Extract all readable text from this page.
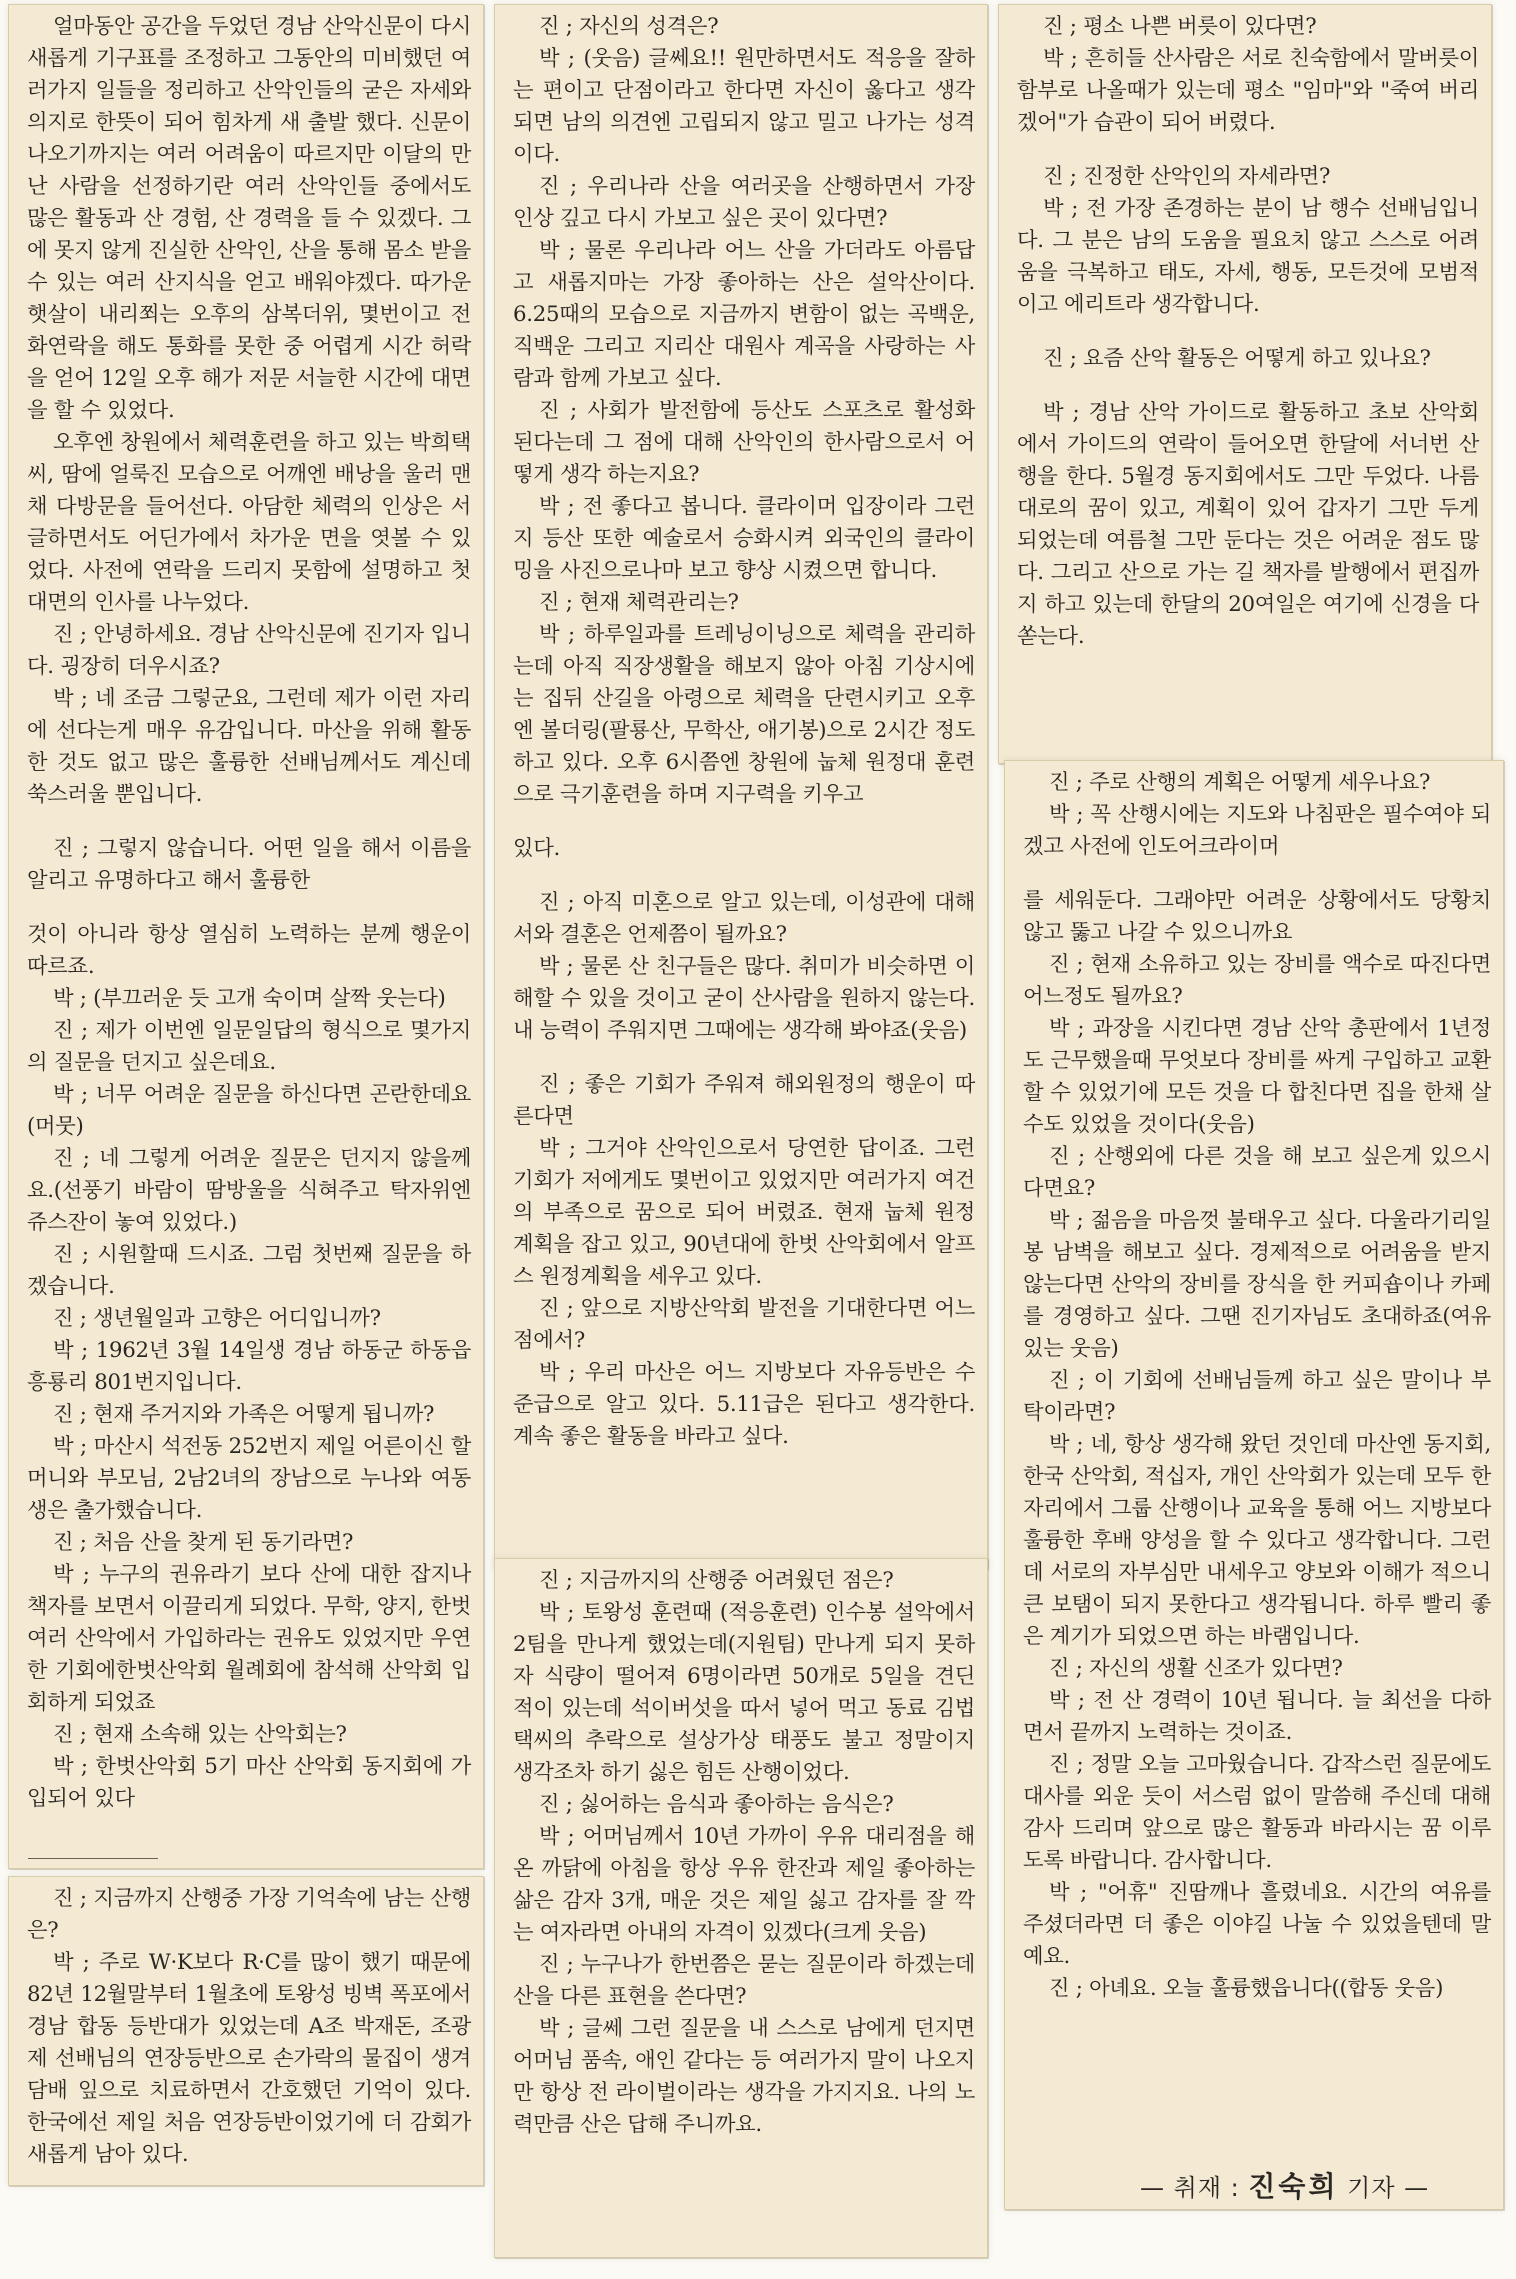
얼마동안 공간을 두었던 경남 산악신문이 다시 새롭게 기구표를 조정하고 그동안의 미비했던 여러가지 일들을 정리하고 산악인들의 굳은 자세와 의지로 한뜻이 되어 힘차게 새 출발 했다. 신문이 나오기까지는 여러 어려움이 따르지만 이달의 만난 사람을 선정하기란 여러 산악인들 중에서도 많은 활동과 산 경험, 산 경력을 들 수 있겠다. 그에 못지 않게 진실한 산악인, 산을 통해 몸소 받을 수 있는 여러 산지식을 얻고 배워야겠다. 따가운 햇살이 내리쬐는 오후의 삼복더위, 몇번이고 전화연락을 해도 통화를 못한 중 어렵게 시간 허락을 얻어 12일 오후 해가 저문 서늘한 시간에 대면을 할 수 있었다.

오후엔 창원에서 체력훈련을 하고 있는 박희택씨, 땀에 얼룩진 모습으로 어깨엔 배낭을 울러 맨채 다방문을 들어선다. 아담한 체력의 인상은 서글하면서도 어딘가에서 차가운 면을 엿볼 수 있었다. 사전에 연락을 드리지 못함에 설명하고 첫 대면의 인사를 나누었다.

진 ; 안녕하세요. 경남 산악신문에 진기자 입니다. 굉장히 더우시죠?

박 ; 네 조금 그렇군요, 그런데 제가 이런 자리에 선다는게 매우 유감입니다. 마산을 위해 활동 한 것도 없고 많은 훌륭한 선배님께서도 계신데 쑥스러울 뿐입니다.

진 ; 그렇지 않습니다. 어떤 일을 해서 이름을 알리고 유명하다고 해서 훌륭한

것이 아니라 항상 열심히 노력하는 분께 행운이 따르죠.

박 ; (부끄러운 듯 고개 숙이며 살짝 웃는다)

진 ; 제가 이번엔 일문일답의 형식으로 몇가지의 질문을 던지고 싶은데요.

박 ; 너무 어려운 질문을 하신다면 곤란한데요(머뭇)

진 ; 네 그렇게 어려운 질문은 던지지 않을께요.(선풍기 바람이 땀방울을 식혀주고 탁자위엔 쥬스잔이 놓여 있었다.)

진 ; 시원할때 드시죠. 그럼 첫번째 질문을 하겠습니다.

진 ; 생년월일과 고향은 어디입니까?

박 ; 1962년 3월 14일생 경남 하동군 하동읍 흥룡리 801번지입니다.

진 ; 현재 주거지와 가족은 어떻게 됩니까?

박 ; 마산시 석전동 252번지 제일 어른이신 할머니와 부모님, 2남2녀의 장남으로 누나와 여동생은 출가했습니다.

진 ; 처음 산을 찾게 된 동기라면?

박 ; 누구의 권유라기 보다 산에 대한 잡지나 책자를 보면서 이끌리게 되었다. 무학, 양지, 한벗 여러 산악에서 가입하라는 권유도 있었지만 우연한 기회에한벗산악회 월례회에 참석해 산악회 입회하게 되었죠

진 ; 현재 소속해 있는 산악회는?

박 ; 한벗산악회 5기 마산 산악회 동지회에 가입되어 있다

진 ; 지금까지 산행중 가장 기억속에 남는 산행은?

박 ; 주로 W·K보다 R·C를 많이 했기 때문에 82년 12월말부터 1월초에 토왕성 빙벽 폭포에서 경남 합동 등반대가 있었는데 A조 박재돈, 조광제 선배님의 연장등반으로 손가락의 물집이 생겨 담배 잎으로 치료하면서 간호했던 기억이 있다. 한국에선 제일 처음 연장등반이었기에 더 감회가 새롭게 남아 있다.

진 ; 자신의 성격은?

박 ; (웃음) 글쎄요!! 원만하면서도 적응을 잘하는 편이고 단점이라고 한다면 자신이 옳다고 생각되면 남의 의견엔 고립되지 않고 밀고 나가는 성격이다.

진 ; 우리나라 산을 여러곳을 산행하면서 가장 인상 깊고 다시 가보고 싶은 곳이 있다면?

박 ; 물론 우리나라 어느 산을 가더라도 아름답고 새롭지마는 가장 좋아하는 산은 설악산이다. 6.25때의 모습으로 지금까지 변함이 없는 곡백운, 직백운 그리고 지리산 대원사 계곡을 사랑하는 사람과 함께 가보고 싶다.

진 ; 사회가 발전함에 등산도 스포츠로 활성화 된다는데 그 점에 대해 산악인의 한사람으로서 어떻게 생각 하는지요?

박 ; 전 좋다고 봅니다. 클라이머 입장이라 그런지 등산 또한 예술로서 승화시켜 외국인의 클라이밍을 사진으로나마 보고 향상 시켰으면 합니다.

진 ; 현재 체력관리는?

박 ; 하루일과를 트레닝이닝으로 체력을 관리하는데 아직 직장생활을 해보지 않아 아침 기상시에는 집뒤 산길을 아령으로 체력을 단련시키고 오후엔 볼더링(팔룡산, 무학산, 애기봉)으로 2시간 정도 하고 있다. 오후 6시쯤엔 창원에 눕체 원정대 훈련으로 극기훈련을 하며 지구력을 키우고

있다.

진 ; 아직 미혼으로 알고 있는데, 이성관에 대해서와 결혼은 언제쯤이 될까요?

박 ; 물론 산 친구들은 많다. 취미가 비슷하면 이해할 수 있을 것이고 굳이 산사람을 원하지 않는다. 내 능력이 주워지면 그때에는 생각해 봐야죠(웃음)

진 ; 좋은 기회가 주워져 해외원정의 행운이 따른다면

박 ; 그거야 산악인으로서 당연한 답이죠. 그런 기회가 저에게도 몇번이고 있었지만 여러가지 여건의 부족으로 꿈으로 되어 버렸죠. 현재 눕체 원정 계획을 잡고 있고, 90년대에 한벗 산악회에서 알프스 원정계획을 세우고 있다.

진 ; 앞으로 지방산악회 발전을 기대한다면 어느 점에서?

박 ; 우리 마산은 어느 지방보다 자유등반은 수준급으로 알고 있다. 5.11급은 된다고 생각한다. 계속 좋은 활동을 바라고 싶다.

진 ; 지금까지의 산행중 어려웠던 점은?

박 ; 토왕성 훈련때 (적응훈련) 인수봉 설악에서 2팀을 만나게 했었는데(지원팀) 만나게 되지 못하자 식량이 떨어져 6명이라면 50개로 5일을 견딘 적이 있는데 석이버섯을 따서 넣어 먹고 동료 김법택씨의 추락으로 설상가상 태풍도 불고 정말이지 생각조차 하기 싫은 힘든 산행이었다.

진 ; 싫어하는 음식과 좋아하는 음식은?

박 ; 어머님께서 10년 가까이 우유 대리점을 해온 까닭에 아침을 항상 우유 한잔과 제일 좋아하는 삶은 감자 3개, 매운 것은 제일 싫고 감자를 잘 깍는 여자라면 아내의 자격이 있겠다(크게 웃음)

진 ; 누구나가 한번쯤은 묻는 질문이라 하겠는데 산을 다른 표현을 쓴다면?

박 ; 글쎄 그런 질문을 내 스스로 남에게 던지면 어머님 품속, 애인 같다는 등 여러가지 말이 나오지만 항상 전 라이벌이라는 생각을 가지지요. 나의 노력만큼 산은 답해 주니까요.

진 ; 평소 나쁜 버릇이 있다면?

박 ; 흔히들 산사람은 서로 친숙함에서 말버릇이 함부로 나올때가 있는데 평소 "임마"와 "죽여 버리겠어"가 습관이 되어 버렸다.

진 ; 진정한 산악인의 자세라면?

박 ; 전 가장 존경하는 분이 남 행수 선배님입니다. 그 분은 남의 도움을 필요치 않고 스스로 어려움을 극복하고 태도, 자세, 행동, 모든것에 모범적이고 에리트라 생각합니다.

진 ; 요즘 산악 활동은 어떻게 하고 있나요?

박 ; 경남 산악 가이드로 활동하고 초보 산악회에서 가이드의 연락이 들어오면 한달에 서너번 산행을 한다. 5월경 동지회에서도 그만 두었다. 나름대로의 꿈이 있고, 계획이 있어 갑자기 그만 두게 되었는데 여름철 그만 둔다는 것은 어려운 점도 많다. 그리고 산으로 가는 길 책자를 발행에서 편집까지 하고 있는데 한달의 20여일은 여기에 신경을 다쏟는다.

진 ; 주로 산행의 계획은 어떻게 세우나요?

박 ; 꼭 산행시에는 지도와 나침판은 필수여야 되겠고 사전에 인도어크라이머

를 세워둔다. 그래야만 어려운 상황에서도 당황치 않고 뚫고 나갈 수 있으니까요

진 ; 현재 소유하고 있는 장비를 액수로 따진다면 어느정도 될까요?

박 ; 과장을 시킨다면 경남 산악 총판에서 1년정도 근무했을때 무엇보다 장비를 싸게 구입하고 교환할 수 있었기에 모든 것을 다 합친다면 집을 한채 살 수도 있었을 것이다(웃음)

진 ; 산행외에 다른 것을 해 보고 싶은게 있으시다면요?

박 ; 젊음을 마음껏 불태우고 싶다. 다울라기리일봉 남벽을 해보고 싶다. 경제적으로 어려움을 받지 않는다면 산악의 장비를 장식을 한 커피숍이나 카페를 경영하고 싶다. 그땐 진기자님도 초대하죠(여유있는 웃음)

진 ; 이 기회에 선배님들께 하고 싶은 말이나 부탁이라면?

박 ; 네, 항상 생각해 왔던 것인데 마산엔 동지회, 한국 산악회, 적십자, 개인 산악회가 있는데 모두 한 자리에서 그룹 산행이나 교육을 통해 어느 지방보다 훌륭한 후배 양성을 할 수 있다고 생각합니다. 그런데 서로의 자부심만 내세우고 양보와 이해가 적으니 큰 보탬이 되지 못한다고 생각됩니다. 하루 빨리 좋은 계기가 되었으면 하는 바램입니다.

진 ; 자신의 생활 신조가 있다면?

박 ; 전 산 경력이 10년 됩니다. 늘 최선을 다하면서 끝까지 노력하는 것이죠.

진 ; 정말 오늘 고마웠습니다. 갑작스런 질문에도 대사를 외운 듯이 서스럼 없이 말씀해 주신데 대해 감사 드리며 앞으로 많은 활동과 바라시는 꿈 이루도록 바랍니다. 감사합니다.

박 ; "어휴" 진땀깨나 흘렸네요. 시간의 여유를 주셨더라면 더 좋은 이야길 나눌 수 있었을텐데 말예요.

진 ; 아녜요. 오늘 훌륭했읍니다((합동 웃음)

— 취재 : 진숙희 기자 —
